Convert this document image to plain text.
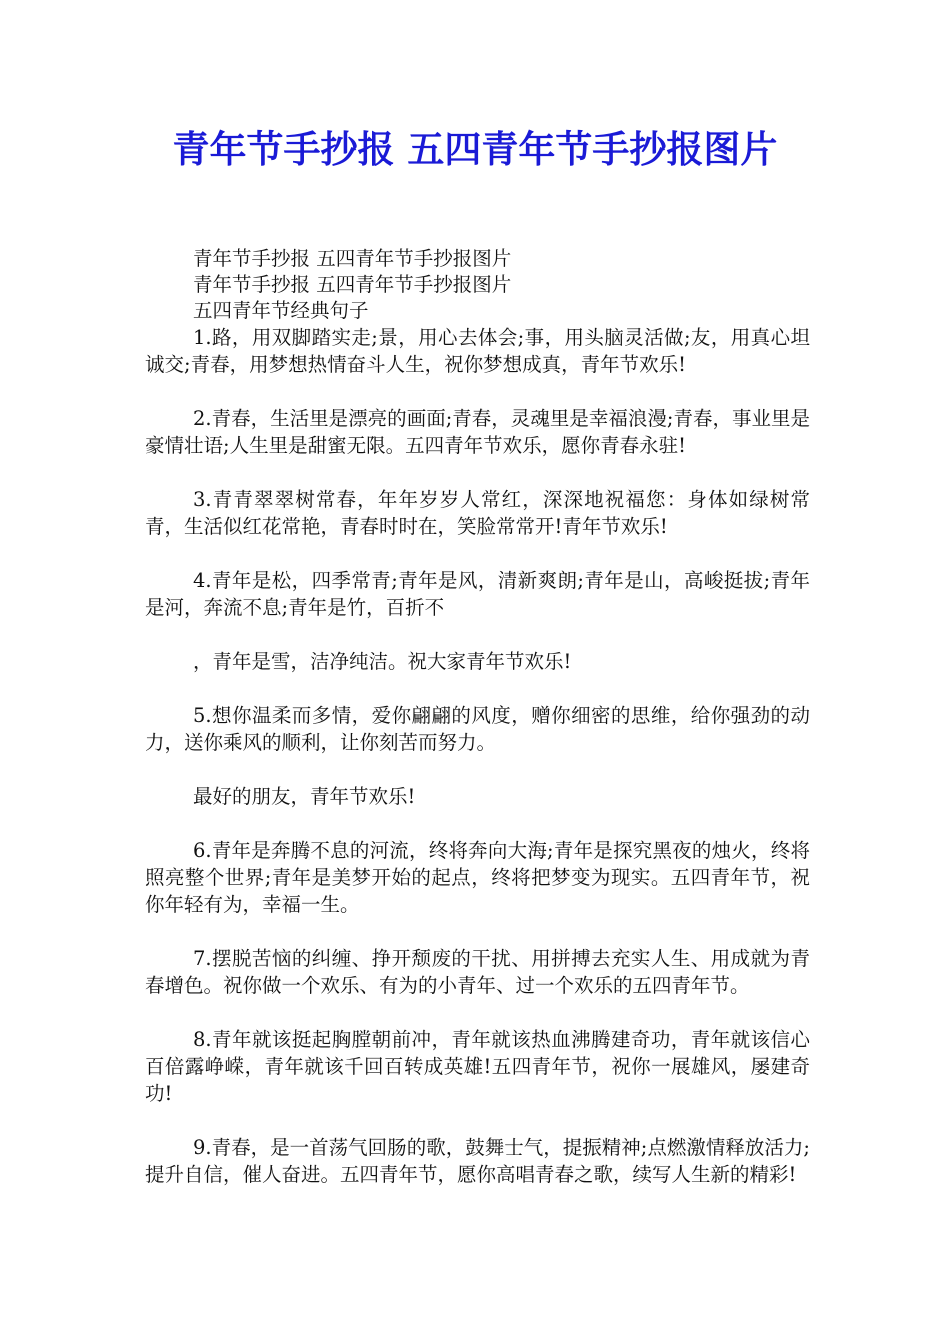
青年节手抄报 五四青年节手抄报图片

青年节手抄报 五四青年节手抄报图片

青年节手抄报 五四青年节手抄报图片

五四青年节经典句子

1.路，用双脚踏实走;景，用心去体会;事，用头脑灵活做;友，用真心坦诚交;青春，用梦想热情奋斗人生，祝你梦想成真，青年节欢乐!

2.青春，生活里是漂亮的画面;青春，灵魂里是幸福浪漫;青春，事业里是豪情壮语;人生里是甜蜜无限。五四青年节欢乐，愿你青春永驻!

3.青青翠翠树常春，年年岁岁人常红，深深地祝福您：身体如绿树常青，生活似红花常艳，青春时时在，笑脸常常开!青年节欢乐!

4.青年是松，四季常青;青年是风，清新爽朗;青年是山，高峻挺拔;青年是河，奔流不息;青年是竹，百折不

，青年是雪，洁净纯洁。祝大家青年节欢乐!

5.想你温柔而多情，爱你翩翩的风度，赠你细密的思维，给你强劲的动力，送你乘风的顺利，让你刻苦而努力。

最好的朋友，青年节欢乐!

6.青年是奔腾不息的河流，终将奔向大海;青年是探究黑夜的烛火，终将照亮整个世界;青年是美梦开始的起点，终将把梦变为现实。五四青年节，祝你年轻有为，幸福一生。

7.摆脱苦恼的纠缠、挣开颓废的干扰、用拼搏去充实人生、用成就为青春增色。祝你做一个欢乐、有为的小青年、过一个欢乐的五四青年节。

8.青年就该挺起胸膛朝前冲，青年就该热血沸腾建奇功，青年就该信心百倍露峥嵘，青年就该千回百转成英雄!五四青年节，祝你一展雄风，屡建奇功!

9.青春，是一首荡气回肠的歌，鼓舞士气，提振精神;点燃激情释放活力;提升自信，催人奋进。五四青年节，愿你高唱青春之歌，续写人生新的精彩!
